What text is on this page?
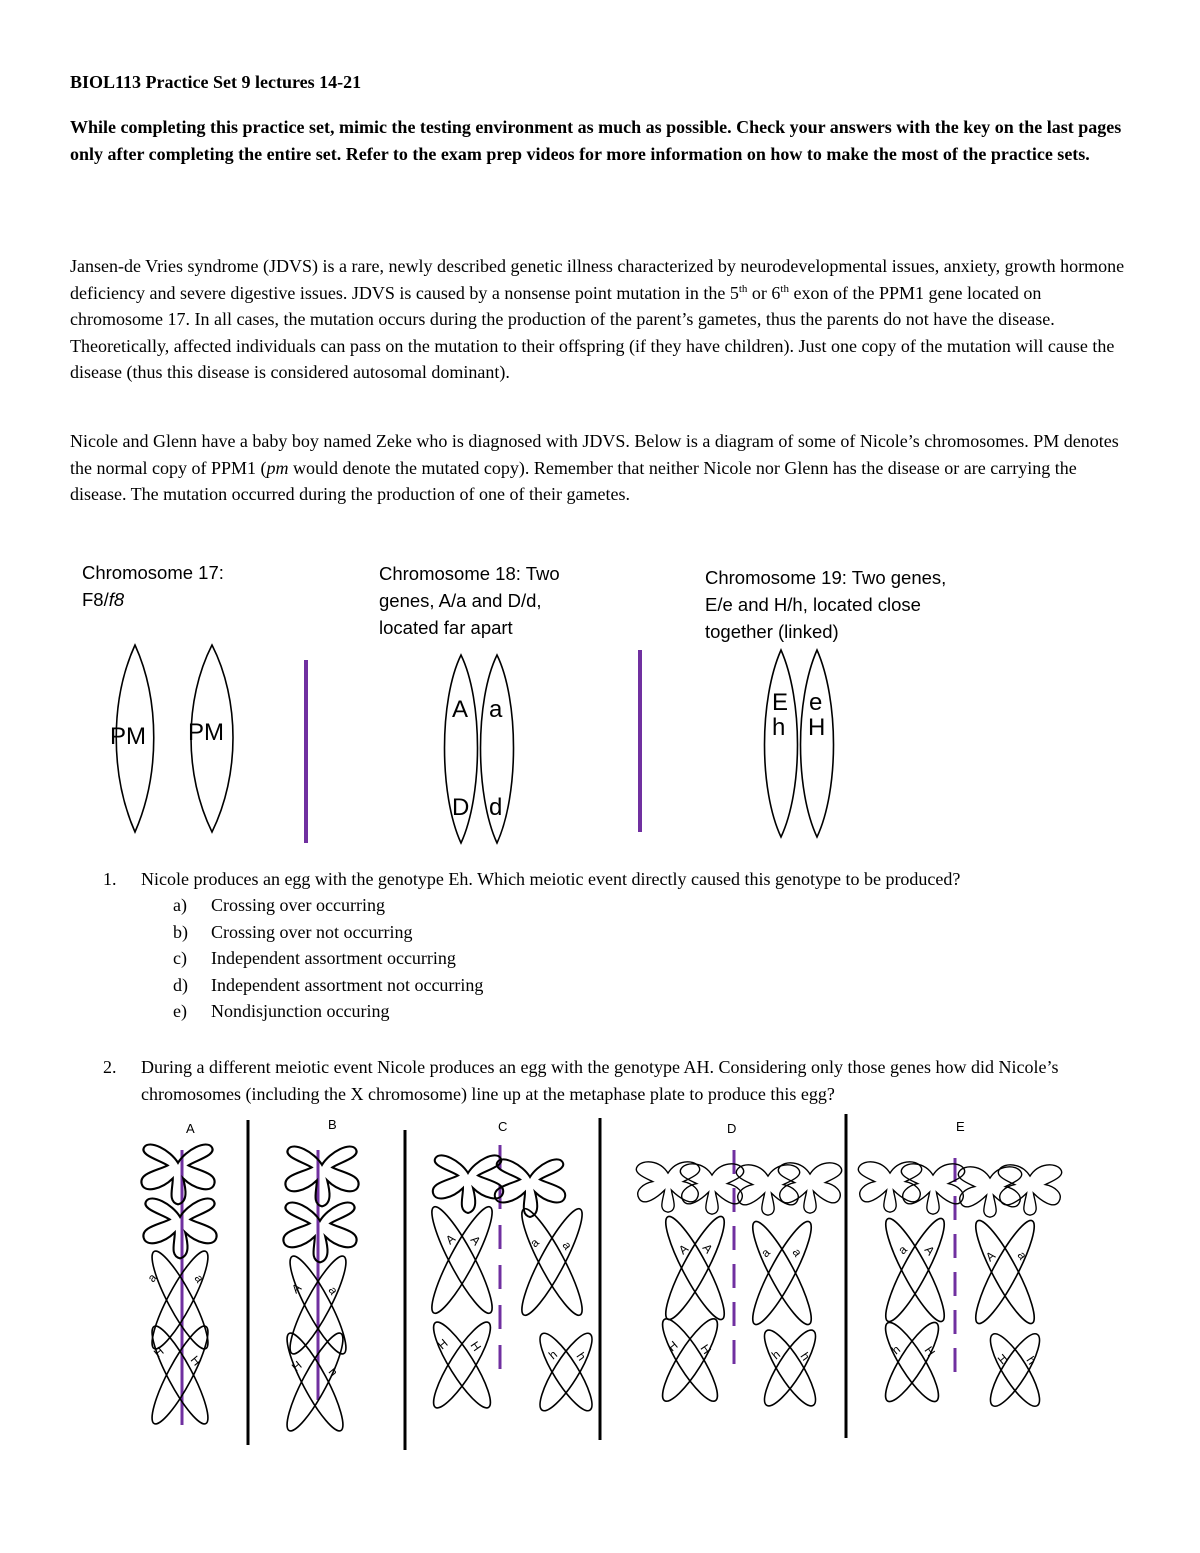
BIOL113 Practice Set 9 lectures 14-21
While completing this practice set, mimic the testing environment as much as possible. Check your answers with the key on the last pages only after completing the entire set. Refer to the exam prep videos for more information on how to make the most of the practice sets.
Jansen-de Vries syndrome (JDVS) is a rare, newly described genetic illness characterized by neurodevelopmental issues, anxiety, growth hormone deficiency and severe digestive issues. JDVS is caused by a nonsense point mutation in the 5th or 6th exon of the PPM1 gene located on chromosome 17. In all cases, the mutation occurs during the production of the parent’s gametes, thus the parents do not have the disease. Theoretically, affected individuals can pass on the mutation to their offspring (if they have children). Just one copy of the mutation will cause the disease (thus this disease is considered autosomal dominant).
Nicole and Glenn have a baby boy named Zeke who is diagnosed with JDVS. Below is a diagram of some of Nicole’s chromosomes. PM denotes the normal copy of PPM1 (pm would denote the mutated copy). Remember that neither Nicole nor Glenn has the disease or are carrying the disease. The mutation occurred during the production of one of their gametes.
Chromosome 17:
F8/f8
Chromosome 18: Two
genes, A/a and D/d,
located far apart
Chromosome 19: Two genes,
E/e and H/h, located close
together (linked)
PM PM
A a
D d
E e
h H
A	B	C	D	E
a	a
H
H
A a
H h
A A	a a
H H
h h
A A	a a
H H	h h
a A	A a
h H	H h
1. Nicole produces an egg with the genotype Eh. Which meiotic event directly caused this genotype to be produced?
a) Crossing over occurring
b) Crossing over not occurring
c) Independent assortment occurring
d) Independent assortment not occurring
e) Nondisjunction occuring
2. During a different meiotic event Nicole produces an egg with the genotype AH. Considering only those genes how did Nicole’s chromosomes (including the X chromosome) line up at the metaphase plate to produce this egg?
